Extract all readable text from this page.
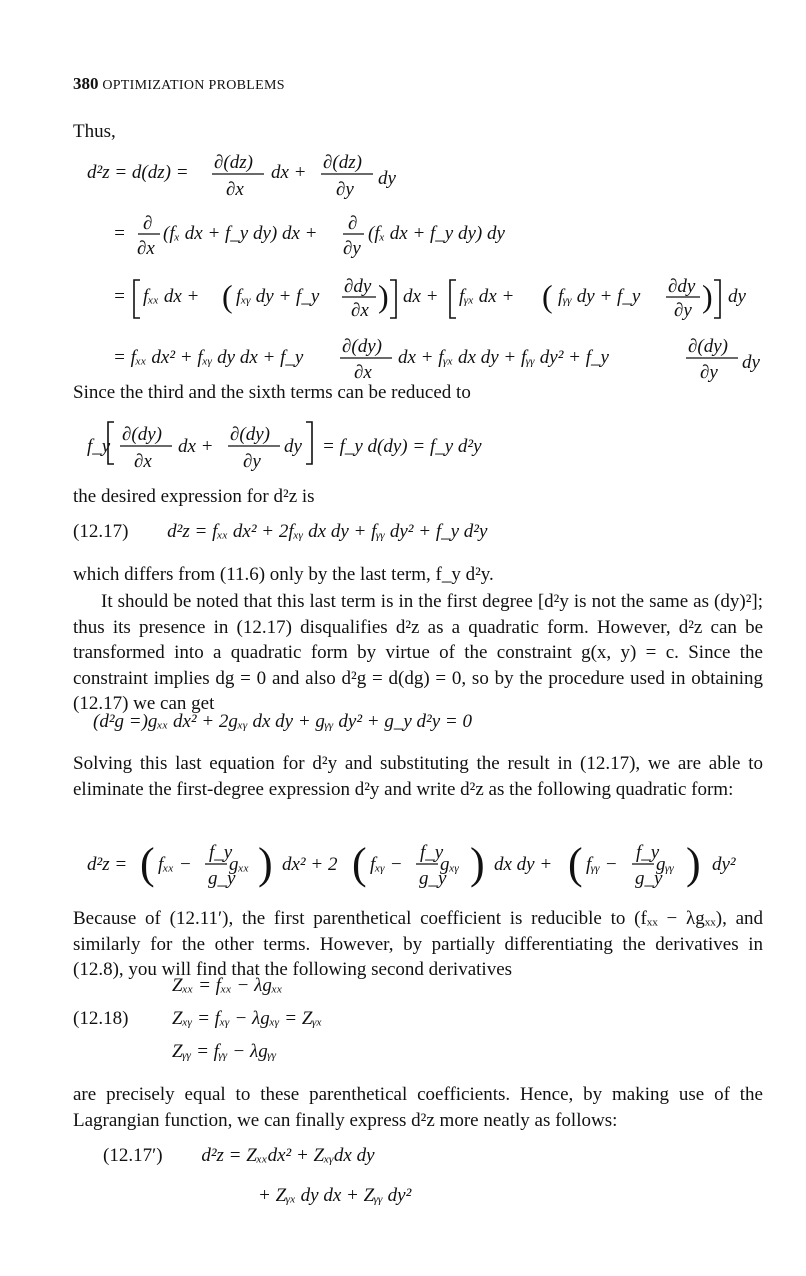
380 OPTIMIZATION PROBLEMS
Thus,
d²z = d(dz) = ∂(dz)
∂x
dx + ∂(dz)
∂y
dy
= ∂
∂x
(fₓ dx + f_y dy) dx + ∂
∂y
(fₓ dx + f_y dy) dy
= fₓₓ dx + ( fₓᵧ dy + f_y ∂dy
∂x ) dx + fᵧₓ dx + ( fᵧᵧ dy + f_y ∂dy
∂y ) dy
= fₓₓ dx² + fₓᵧ dy dx + f_y
∂(dy)
∂x
dx + fᵧₓ dx dy + fᵧᵧ dy² + f_y
∂(dy)
∂y dy
Since the third and the sixth terms can be reduced to
f_y
∂(dy)
∂x
dx +
∂(dy)
∂y
dy = f_y d(dy) = f_y d²y
the desired expression for d²z is
(12.17) d²z = fₓₓ dx² + 2fₓᵧ dx dy + fᵧᵧ dy² + f_y d²y
which differs from (11.6) only by the last term, f_y d²y.
It should be noted that this last term is in the first degree [d²y is not the same as (dy)²]; thus its presence in (12.17) disqualifies d²z as a quadratic form. However, d²z can be transformed into a quadratic form by virtue of the constraint g(x, y) = c. Since the constraint implies dg = 0 and also d²g = d(dg) = 0, so by the procedure used in obtaining (12.17) we can get
(d²g =)gₓₓ dx² + 2gₓᵧ dx dy + gᵧᵧ dy² + g_y d²y = 0
Solving this last equation for d²y and substituting the result in (12.17), we are able to eliminate the first-degree expression d²y and write d²z as the following quadratic form:
d²z = ( fₓₓ −
f_y
g_y
gₓₓ ) dx² + 2 ( fₓᵧ −
f_y
g_y
gₓᵧ ) dx dy + ( fᵧᵧ −
f_y
g_y
gᵧᵧ ) dy²
Because of (12.11′), the first parenthetical coefficient is reducible to (fₓₓ − λgₓₓ), and similarly for the other terms. However, by partially differentiating the derivatives in (12.8), you will find that the following second derivatives
(12.18)
Zₓₓ = fₓₓ − λgₓₓ
Zₓᵧ = fₓᵧ − λgₓᵧ = Zᵧₓ
Zᵧᵧ = fᵧᵧ − λgᵧᵧ
are precisely equal to these parenthetical coefficients. Hence, by making use of the Lagrangian function, we can finally express d²z more neatly as follows:
(12.17′) d²z = Zₓₓdx² + Zₓᵧdx dy
+ Zᵧₓ dy dx + Zᵧᵧ dy²
